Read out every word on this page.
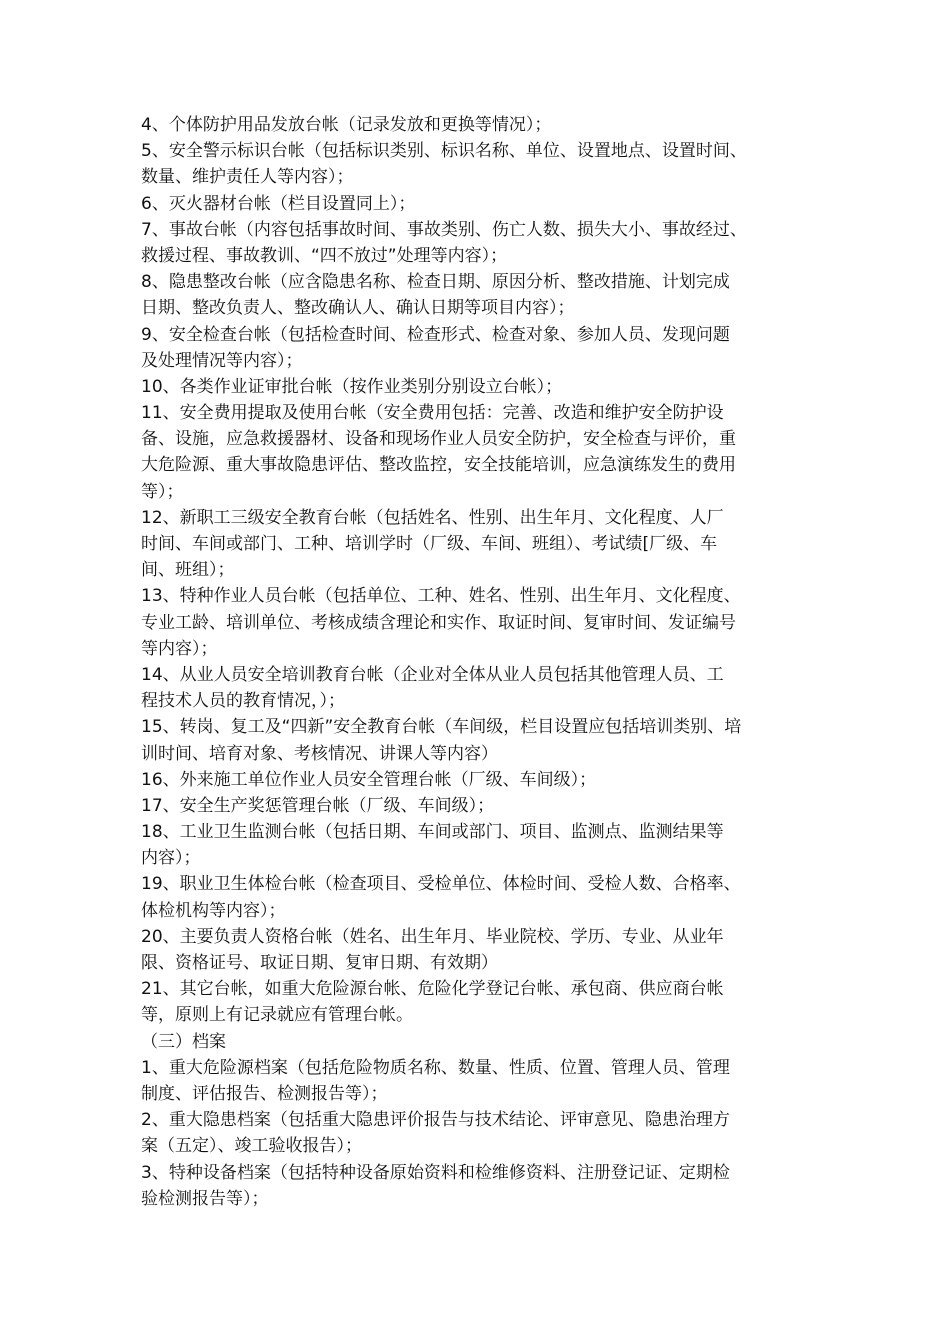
4、个体防护用品发放台帐（记录发放和更换等情况）；
5、安全警示标识台帐（包括标识类别、标识名称、单位、设置地点、设置时间、
数量、维护责任人等内容）；
6、灭火器材台帐（栏目设置同上）；
7、事故台帐（内容包括事故时间、事故类别、伤亡人数、损失大小、事故经过、
救援过程、事故教训、“四不放过”处理等内容）；
8、隐患整改台帐（应含隐患名称、检查日期、原因分析、整改措施、计划完成
日期、整改负责人、整改确认人、确认日期等项目内容）；
9、安全检查台帐（包括检查时间、检查形式、检查对象、参加人员、发现问题
及处理情况等内容）；
10、各类作业证审批台帐（按作业类别分别设立台帐）；
11、安全费用提取及使用台帐（安全费用包括：完善、改造和维护安全防护设
备、设施，应急救援器材、设备和现场作业人员安全防护，安全检查与评价，重
大危险源、重大事故隐患评估、整改监控，安全技能培训，应急演练发生的费用
等）；
12、新职工三级安全教育台帐（包括姓名、性别、出生年月、文化程度、人厂
时间、车间或部门、工种、培训学时（厂级、车间、班组）、考试绩[厂级、车
间、班组）；
13、特种作业人员台帐（包括单位、工种、姓名、性别、出生年月、文化程度、
专业工龄、培训单位、考核成绩含理论和实作、取证时间、复审时间、发证编号
等内容）；
14、从业人员安全培训教育台帐（企业对全体从业人员包括其他管理人员、工
程技术人员的教育情况，）；
15、转岗、复工及“四新”安全教育台帐（车间级，栏目设置应包括培训类别、培
训时间、培育对象、考核情况、讲课人等内容）
16、外来施工单位作业人员安全管理台帐（厂级、车间级）；
17、安全生产奖惩管理台帐（厂级、车间级）；
18、工业卫生监测台帐（包括日期、车间或部门、项目、监测点、监测结果等
内容）；
19、职业卫生体检台帐（检查项目、受检单位、体检时间、受检人数、合格率、
体检机构等内容）；
20、主要负责人资格台帐（姓名、出生年月、毕业院校、学历、专业、从业年
限、资格证号、取证日期、复审日期、有效期）
21、其它台帐，如重大危险源台帐、危险化学登记台帐、承包商、供应商台帐
等，原则上有记录就应有管理台帐。
（三）档案
1、重大危险源档案（包括危险物质名称、数量、性质、位置、管理人员、管理
制度、评估报告、检测报告等）；
2、重大隐患档案（包括重大隐患评价报告与技术结论、评审意见、隐患治理方
案（五定）、竣工验收报告）；
3、特种设备档案（包括特种设备原始资料和检维修资料、注册登记证、定期检
验检测报告等）；
